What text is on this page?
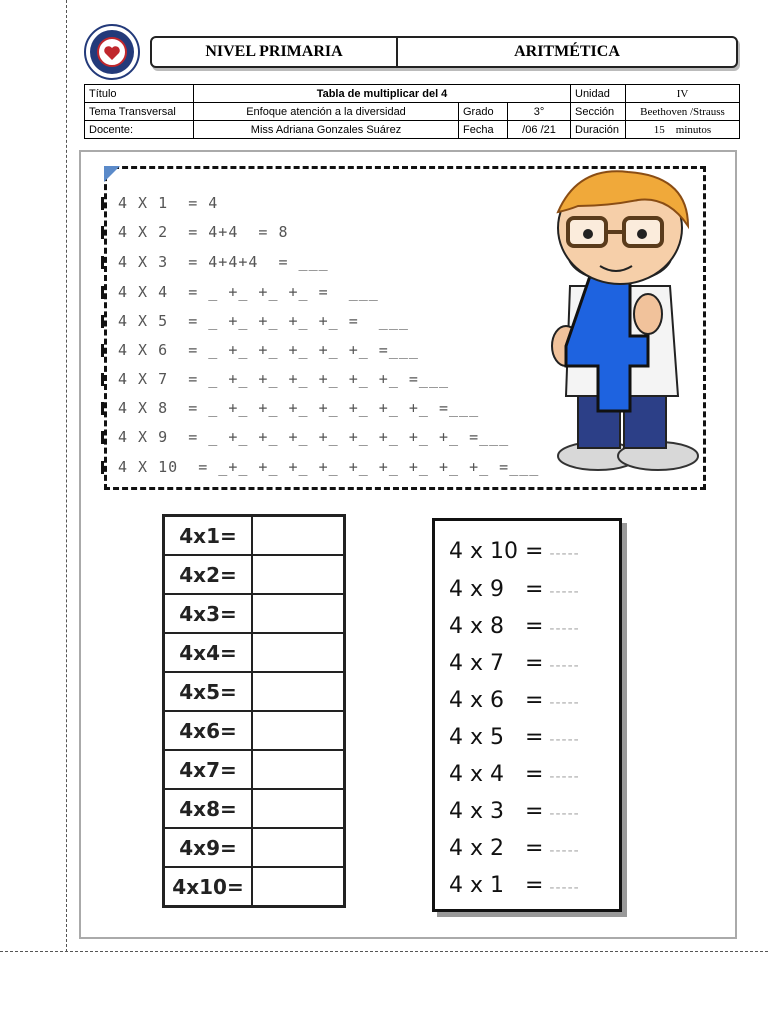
NIVEL PRIMARIA	ARITMÉTICA
Título	Tabla de multiplicar del 4			Unidad	IV
Tema Transversal	Enfoque atención a la diversidad	Grado	3°	Sección	Beethoven /Strauss
Docente:	Miss Adriana Gonzales Suárez	Fecha	/06 /21	Duración	15    minutos
4 X 1  = 4
4 X 2  = 4+4  = 8
4 X 3  = 4+4+4  = ___
4 X 4  = _ +_ +_ +_ =  ___
4 X 5  = _ +_ +_ +_ +_ =  ___
4 X 6  = _ +_ +_ +_ +_ +_ =___
4 X 7  = _ +_ +_ +_ +_ +_ +_ =___
4 X 8  = _ +_ +_ +_ +_ +_ +_ +_ =___
4 X 9  = _ +_ +_ +_ +_ +_ +_ +_ +_ =___
4 X 10  = _+_ +_ +_ +_ +_ +_ +_ +_ +_ =___
4x1=	
4x2=	
4x3=	
4x4=	
4x5=	
4x6=	
4x7=	
4x8=	
4x9=	
4x10=	
4 x 10 = -----
4 x 9   = -----
4 x 8   = -----
4 x 7   = -----
4 x 6   = -----
4 x 5   = -----
4 x 4   = -----
4 x 3   = -----
4 x 2   = -----
4 x 1   = -----
